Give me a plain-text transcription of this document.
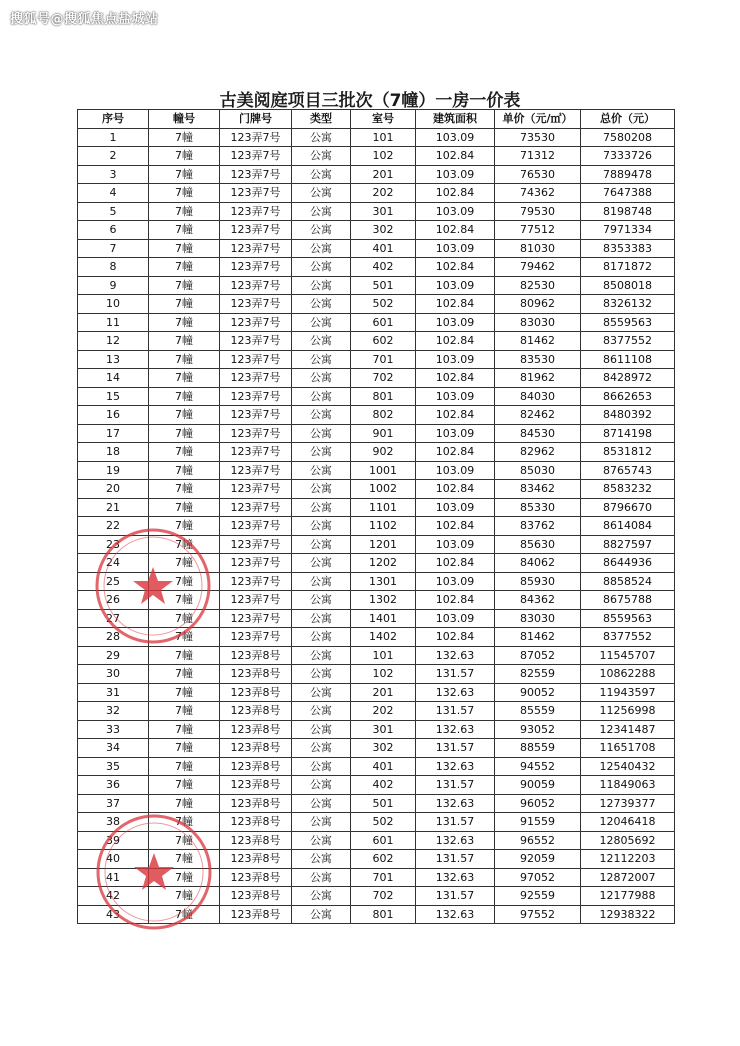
搜狐号@搜狐焦点盐城站
古美阅庭项目三批次（7幢）一房一价表
序号	幢号	门牌号	类型	室号	建筑面积	单价（元/㎡）	总价（元）
1	7幢	123弄7号	公寓	101	103.09	73530	7580208
2	7幢	123弄7号	公寓	102	102.84	71312	7333726
3	7幢	123弄7号	公寓	201	103.09	76530	7889478
4	7幢	123弄7号	公寓	202	102.84	74362	7647388
5	7幢	123弄7号	公寓	301	103.09	79530	8198748
6	7幢	123弄7号	公寓	302	102.84	77512	7971334
7	7幢	123弄7号	公寓	401	103.09	81030	8353383
8	7幢	123弄7号	公寓	402	102.84	79462	8171872
9	7幢	123弄7号	公寓	501	103.09	82530	8508018
10	7幢	123弄7号	公寓	502	102.84	80962	8326132
11	7幢	123弄7号	公寓	601	103.09	83030	8559563
12	7幢	123弄7号	公寓	602	102.84	81462	8377552
13	7幢	123弄7号	公寓	701	103.09	83530	8611108
14	7幢	123弄7号	公寓	702	102.84	81962	8428972
15	7幢	123弄7号	公寓	801	103.09	84030	8662653
16	7幢	123弄7号	公寓	802	102.84	82462	8480392
17	7幢	123弄7号	公寓	901	103.09	84530	8714198
18	7幢	123弄7号	公寓	902	102.84	82962	8531812
19	7幢	123弄7号	公寓	1001	103.09	85030	8765743
20	7幢	123弄7号	公寓	1002	102.84	83462	8583232
21	7幢	123弄7号	公寓	1101	103.09	85330	8796670
22	7幢	123弄7号	公寓	1102	102.84	83762	8614084
23	7幢	123弄7号	公寓	1201	103.09	85630	8827597
24	7幢	123弄7号	公寓	1202	102.84	84062	8644936
25	7幢	123弄7号	公寓	1301	103.09	85930	8858524
26	7幢	123弄7号	公寓	1302	102.84	84362	8675788
27	7幢	123弄7号	公寓	1401	103.09	83030	8559563
28	7幢	123弄7号	公寓	1402	102.84	81462	8377552
29	7幢	123弄8号	公寓	101	132.63	87052	11545707
30	7幢	123弄8号	公寓	102	131.57	82559	10862288
31	7幢	123弄8号	公寓	201	132.63	90052	11943597
32	7幢	123弄8号	公寓	202	131.57	85559	11256998
33	7幢	123弄8号	公寓	301	132.63	93052	12341487
34	7幢	123弄8号	公寓	302	131.57	88559	11651708
35	7幢	123弄8号	公寓	401	132.63	94552	12540432
36	7幢	123弄8号	公寓	402	131.57	90059	11849063
37	7幢	123弄8号	公寓	501	132.63	96052	12739377
38	7幢	123弄8号	公寓	502	131.57	91559	12046418
39	7幢	123弄8号	公寓	601	132.63	96552	12805692
40	7幢	123弄8号	公寓	602	131.57	92059	12112203
41	7幢	123弄8号	公寓	701	132.63	97052	12872007
42	7幢	123弄8号	公寓	702	131.57	92559	12177988
43	7幢	123弄8号	公寓	801	132.63	97552	12938322
